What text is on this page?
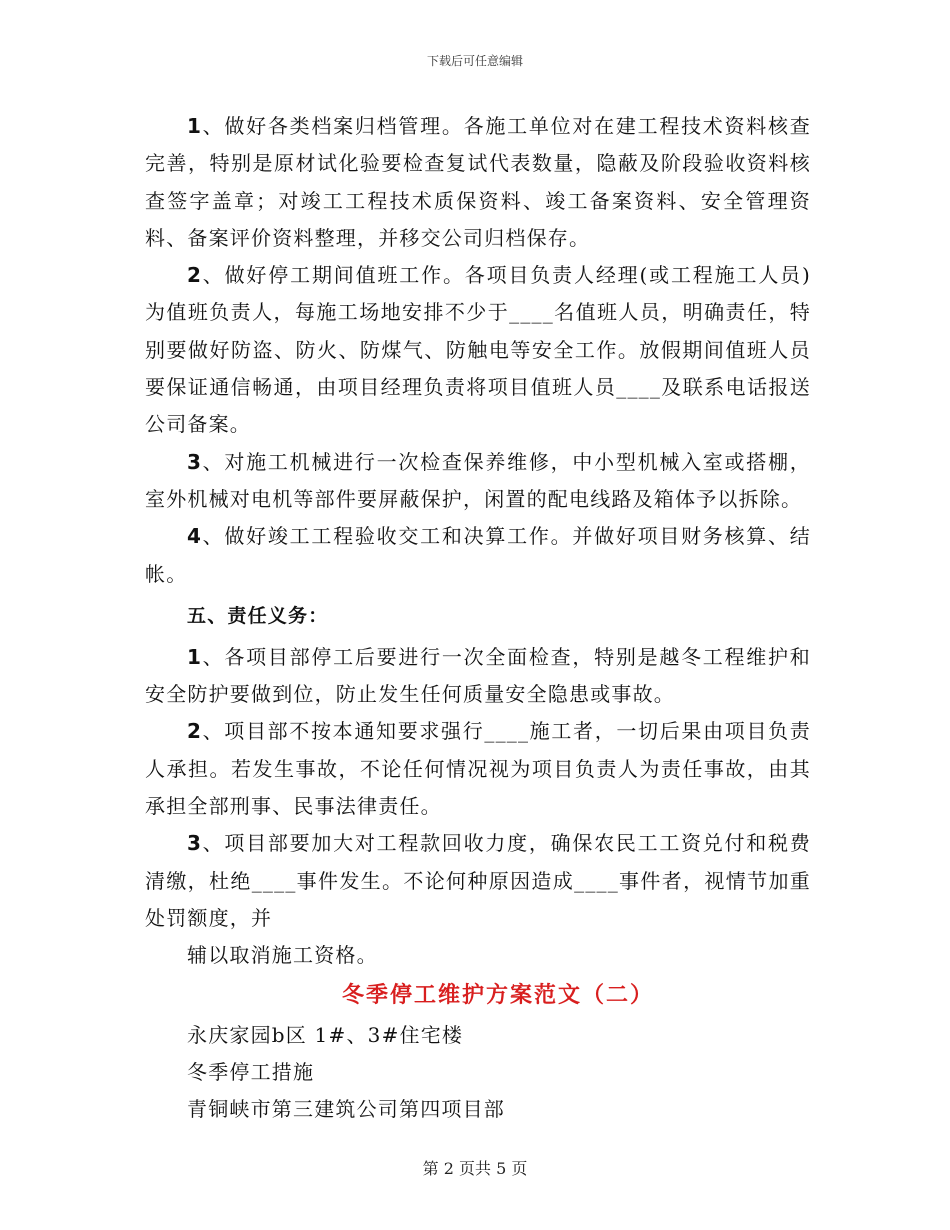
下载后可任意编辑

1、做好各类档案归档管理。各施工单位对在建工程技术资料核查完善，特别是原材试化验要检查复试代表数量，隐蔽及阶段验收资料核查签字盖章；对竣工工程技术质保资料、竣工备案资料、安全管理资料、备案评价资料整理，并移交公司归档保存。

2、做好停工期间值班工作。各项目负责人经理(或工程施工人员)为值班负责人，每施工场地安排不少于____名值班人员，明确责任，特别要做好防盗、防火、防煤气、防触电等安全工作。放假期间值班人员要保证通信畅通，由项目经理负责将项目值班人员____及联系电话报送公司备案。

3、对施工机械进行一次检查保养维修，中小型机械入室或搭棚，室外机械对电机等部件要屏蔽保护，闲置的配电线路及箱体予以拆除。

4、做好竣工工程验收交工和决算工作。并做好项目财务核算、结帐。

五、责任义务：

1、各项目部停工后要进行一次全面检查，特别是越冬工程维护和安全防护要做到位，防止发生任何质量安全隐患或事故。

2、项目部不按本通知要求强行____施工者，一切后果由项目负责人承担。若发生事故，不论任何情况视为项目负责人为责任事故，由其承担全部刑事、民事法律责任。

3、项目部要加大对工程款回收力度，确保农民工工资兑付和税费清缴，杜绝____事件发生。不论何种原因造成____事件者，视情节加重处罚额度，并

辅以取消施工资格。

冬季停工维护方案范文（二）

永庆家园b区 1#、3#住宅楼

冬季停工措施

青铜峡市第三建筑公司第四项目部

第 2 页共 5 页
